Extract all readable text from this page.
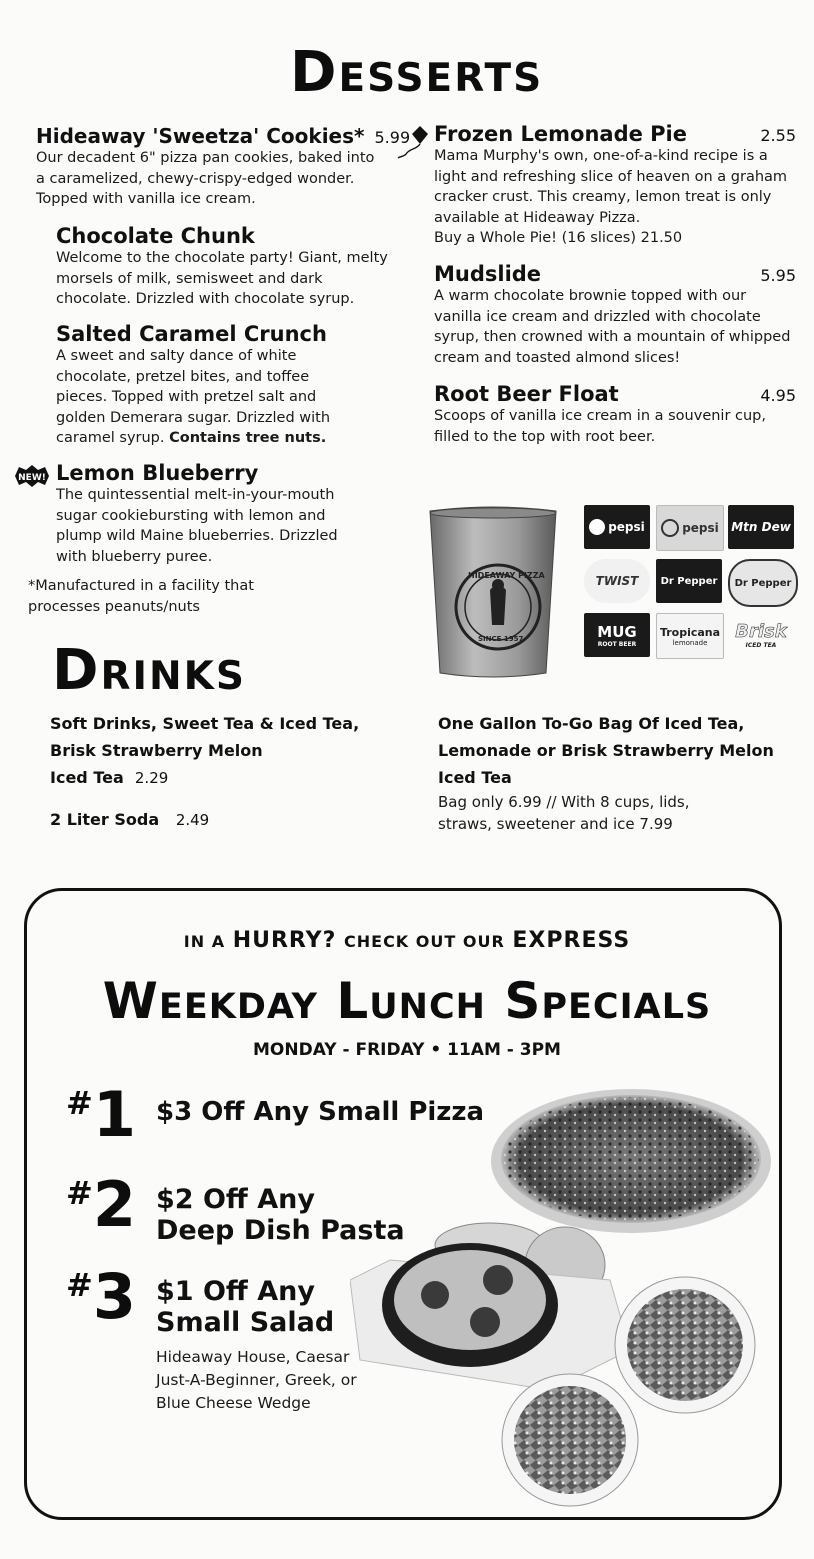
Desserts
Hideaway 'Sweetza' Cookies* 5.99
Our decadent 6" pizza pan cookies, baked into a caramelized, chewy-crispy-edged wonder. Topped with vanilla ice cream.
Chocolate Chunk
Welcome to the chocolate party! Giant, melty morsels of milk, semisweet and dark chocolate. Drizzled with chocolate syrup.
Salted Caramel Crunch
A sweet and salty dance of white chocolate, pretzel bites, and toffee pieces. Topped with pretzel salt and golden Demerara sugar. Drizzled with caramel syrup. Contains tree nuts.
NEW! Lemon Blueberry
The quintessential melt-in-your-mouth sugar cookiebursting with lemon and plump wild Maine blueberries. Drizzled with blueberry puree.
*Manufactured in a facility that processes peanuts/nuts
Frozen Lemonade Pie	2.55
Mama Murphy's own, one-of-a-kind recipe is a light and refreshing slice of heaven on a graham cracker crust. This creamy, lemon treat is only available at Hideaway Pizza.
Buy a Whole Pie! (16 slices) 21.50
Mudslide	5.95
A warm chocolate brownie topped with our vanilla ice cream and drizzled with chocolate syrup, then crowned with a mountain of whipped cream and toasted almond slices!
Root Beer Float	4.95
Scoops of vanilla ice cream in a souvenir cup, filled to the top with root beer.
HIDEAWAY PIZZA
SINCE 1957
pepsi	pepsi Mtn Dew
TWIST Dr Pepper Dr Pepper
MUG
ROOT BEER
Tropicana
lemonade
Brisk
ICED TEA
Drinks
Soft Drinks, Sweet Tea & Iced Tea,
Brisk Strawberry Melon
Iced Tea 2.29
2 Liter Soda 2.49
One Gallon To-Go Bag Of Iced Tea,
Lemonade or Brisk Strawberry Melon
Iced Tea
Bag only 6.99 // With 8 cups, lids,
straws, sweetener and ice 7.99
IN A HURRY? CHECK OUT OUR EXPRESS
Weekday Lunch Specials
MONDAY - FRIDAY • 11AM - 3PM
#1 $3 Off Any Small Pizza
#2 $2 Off Any
Deep Dish Pasta
#3 $1 Off Any
Small Salad
Hideaway House, Caesar
Just-A-Beginner, Greek, or
Blue Cheese Wedge
